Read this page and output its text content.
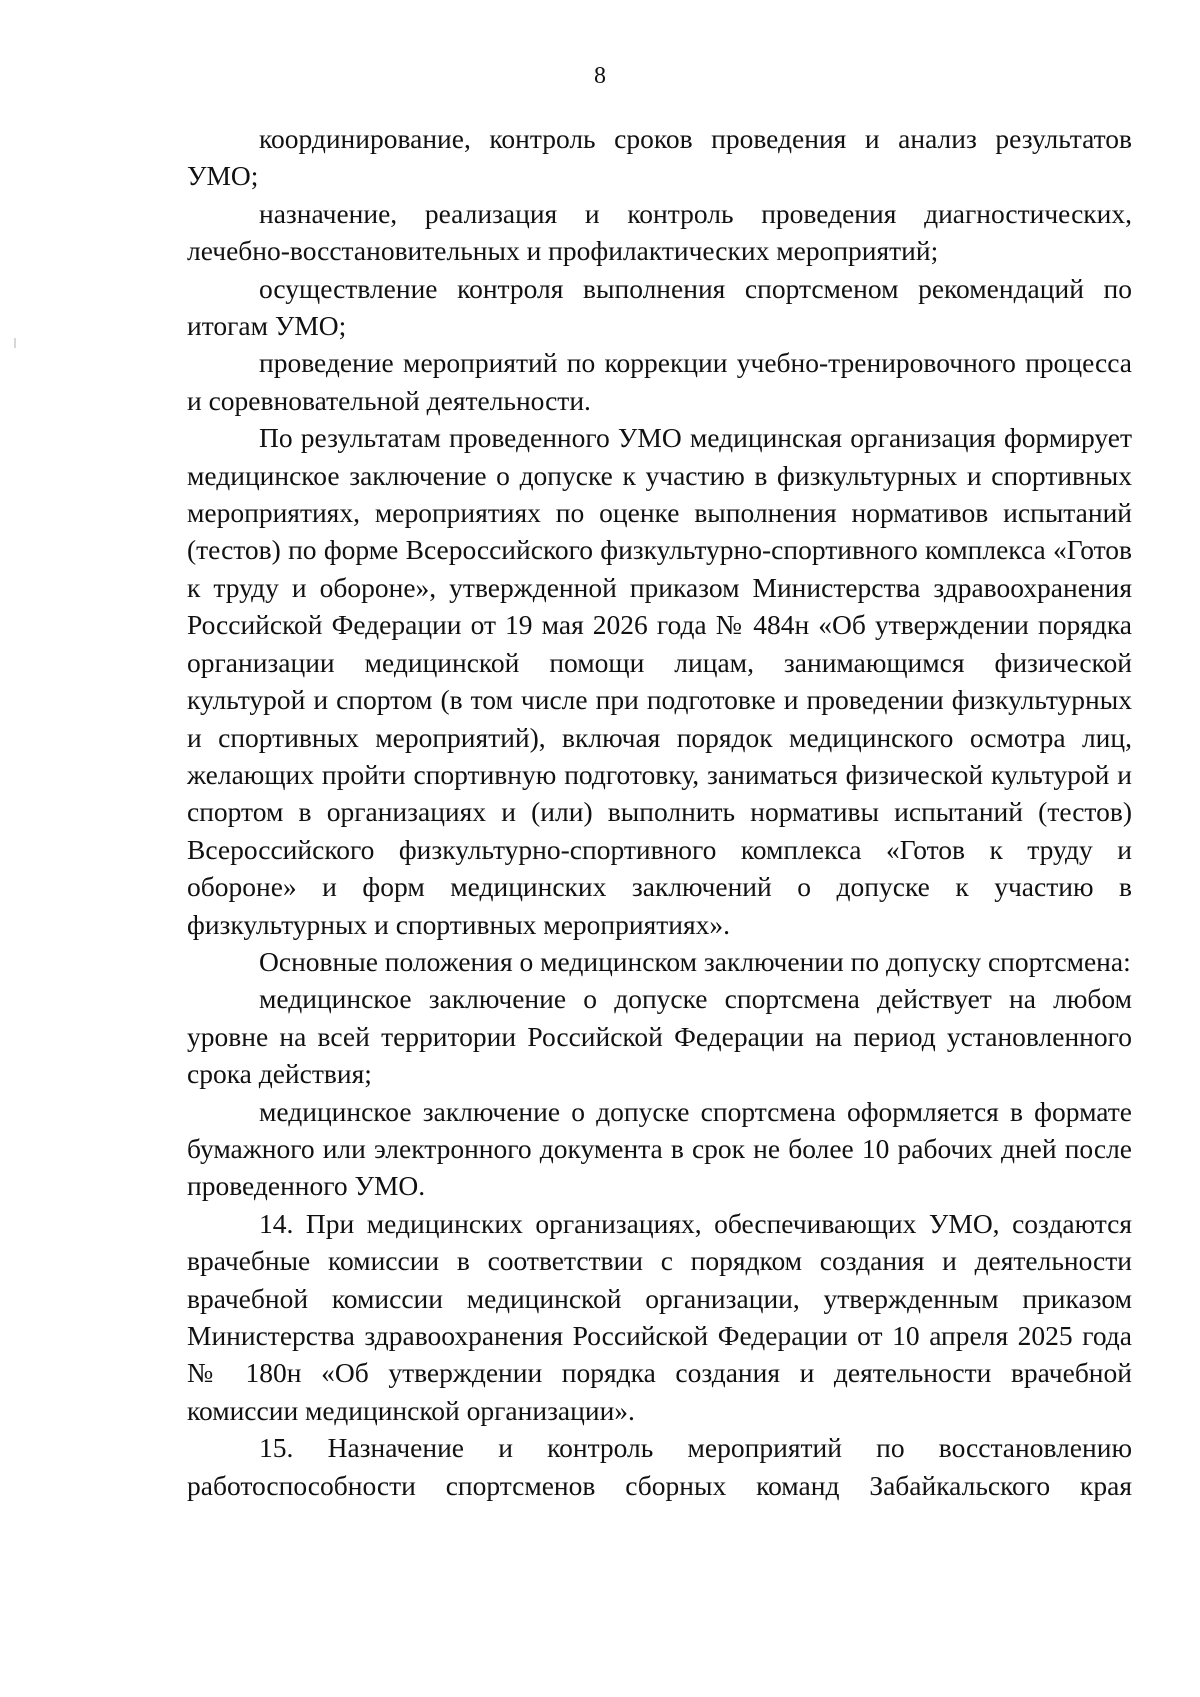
8

координирование, контроль сроков проведения и анализ результатов УМО;

назначение, реализация и контроль проведения диагностических, лечебно-восстановительных и профилактических мероприятий;

осуществление контроля выполнения спортсменом рекомендаций по итогам УМО;

проведение мероприятий по коррекции учебно-тренировочного процесса и соревновательной деятельности.

По результатам проведенного УМО медицинская организация формирует медицинское заключение о допуске к участию в физкультурных и спортивных мероприятиях, мероприятиях по оценке выполнения нормативов испытаний (тестов) по форме Всероссийского физкультурно-спортивного комплекса «Готов к труду и обороне», утвержденной приказом Министерства здравоохранения Российской Федерации от 19 мая 2026 года № 484н «Об утверждении порядка организации медицинской помощи лицам, занимающимся физической культурой и спортом (в том числе при подготовке и проведении физкультурных и спортивных мероприятий), включая порядок медицинского осмотра лиц, желающих пройти спортивную подготовку, заниматься физической культурой и спортом в организациях и (или) выполнить нормативы испытаний (тестов) Всероссийского физкультурно-спортивного комплекса «Готов к труду и обороне» и форм медицинских заключений о допуске к участию в физкультурных и спортивных мероприятиях».

Основные положения о медицинском заключении по допуску спортсмена:

медицинское заключение о допуске спортсмена действует на любом уровне на всей территории Российской Федерации на период установленного срока действия;

медицинское заключение о допуске спортсмена оформляется в формате бумажного или электронного документа в срок не более 10 рабочих дней после проведенного УМО.

14. При медицинских организациях, обеспечивающих УМО, создаются врачебные комиссии в соответствии с порядком создания и деятельности врачебной комиссии медицинской организации, утвержденным приказом Министерства здравоохранения Российской Федерации от 10 апреля 2025 года № 180н «Об утверждении порядка создания и деятельности врачебной комиссии медицинской организации».

15. Назначение и контроль мероприятий по восстановлению работоспособности спортсменов сборных команд Забайкальского края
